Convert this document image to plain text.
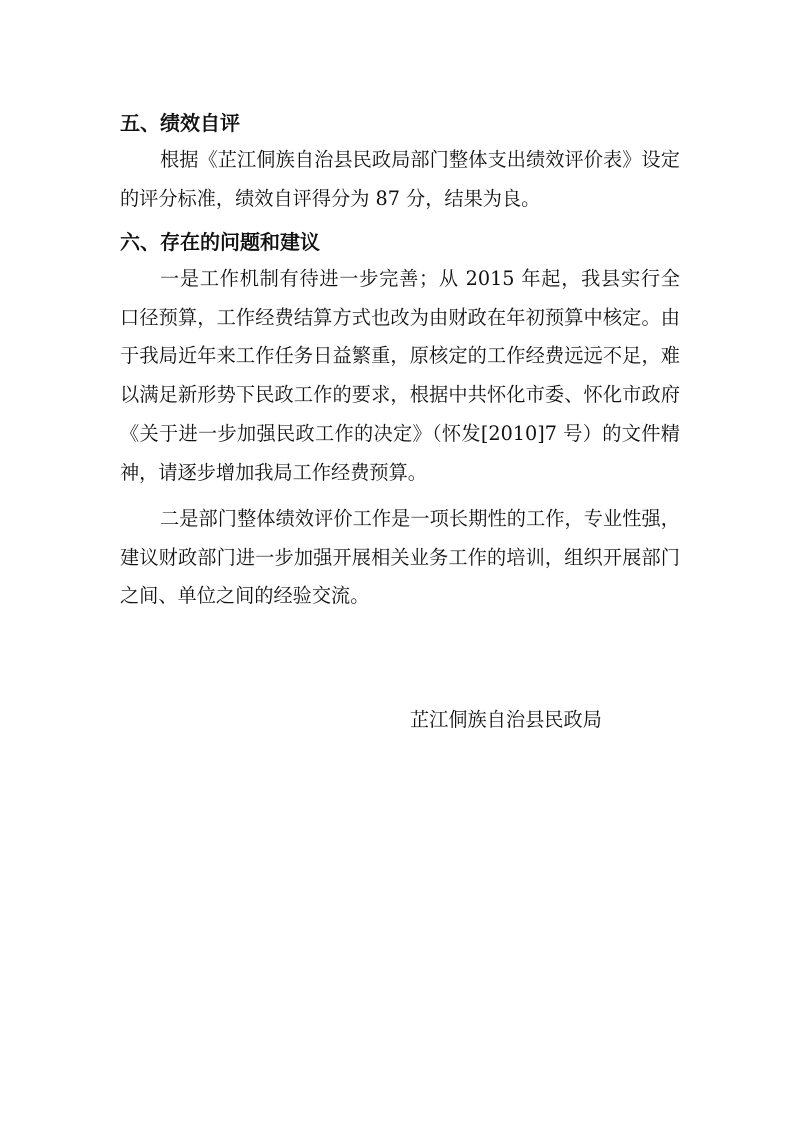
五、绩效自评

根据《芷江侗族自治县民政局部门整体支出绩效评价表》设定的评分标准，绩效自评得分为 87 分，结果为良。

六、存在的问题和建议

一是工作机制有待进一步完善；从 2015 年起，我县实行全口径预算，工作经费结算方式也改为由财政在年初预算中核定。由于我局近年来工作任务日益繁重，原核定的工作经费远远不足，难以满足新形势下民政工作的要求，根据中共怀化市委、怀化市政府《关于进一步加强民政工作的决定》（怀发[2010]7 号）的文件精神，请逐步增加我局工作经费预算。

二是部门整体绩效评价工作是一项长期性的工作，专业性强，建议财政部门进一步加强开展相关业务工作的培训，组织开展部门之间、单位之间的经验交流。

芷江侗族自治县民政局
